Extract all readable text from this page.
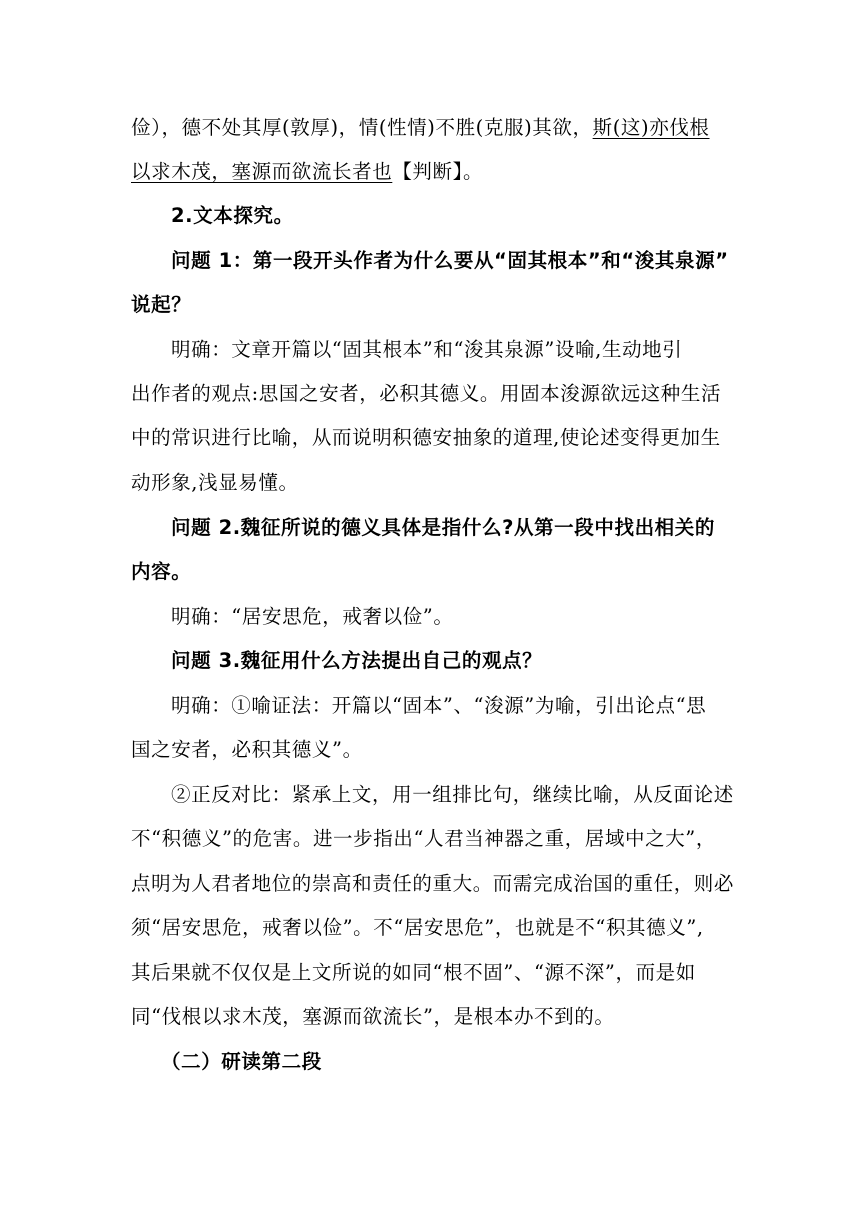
俭），德不处其厚(敦厚)，情(性情)不胜(克服)其欲，斯(这)亦伐根
以求木茂，塞源而欲流长者也【判断】。
2.文本探究。
问题 1：第一段开头作者为什么要从“固其根本”和“浚其泉源”
说起？
明确：文章开篇以“固其根本”和“浚其泉源”设喻,生动地引
出作者的观点:思国之安者，必积其德义。用固本浚源欲远这种生活
中的常识进行比喻，从而说明积德安抽象的道理,使论述变得更加生
动形象,浅显易懂。
问题 2.魏征所说的德义具体是指什么?从第一段中找出相关的
内容。
明确：“居安思危，戒奢以俭”。
问题 3.魏征用什么方法提出自己的观点？
明确：①喻证法：开篇以“固本”、“浚源”为喻，引出论点“思
国之安者，必积其德义”。
②正反对比：紧承上文，用一组排比句，继续比喻，从反面论述
不“积德义”的危害。进一步指出“人君当神器之重，居域中之大”，
点明为人君者地位的崇高和责任的重大。而需完成治国的重任，则必
须“居安思危，戒奢以俭”。不“居安思危”，也就是不“积其德义”,
其后果就不仅仅是上文所说的如同“根不固”、“源不深”，而是如
同“伐根以求木茂，塞源而欲流长”，是根本办不到的。
（二）研读第二段
